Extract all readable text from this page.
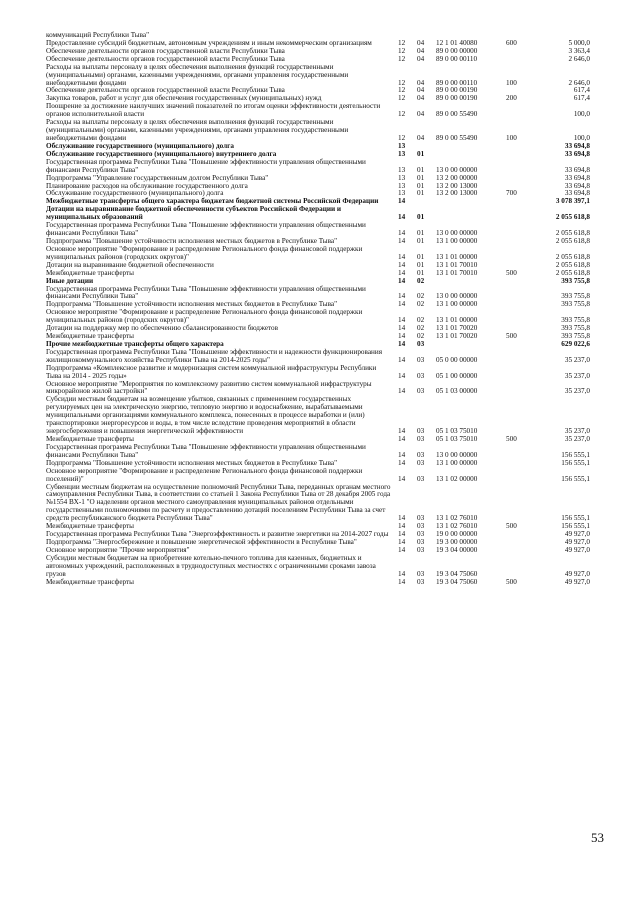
коммуникаций Республики Тыва"					
Предоставление субсидий бюджетным, автономным учреждениям и иным некоммерческим организациям	12	04	12 1 01 40080	600	5 000,0
Обеспечение деятельности органов государственной власти Республики Тыва	12	04	89 0 00 00000		3 363,4
Обеспечение деятельности органов государственной власти Республики Тыва	12	04	89 0 00 00110		2 646,0
Расходы на выплаты персоналу в целях обеспечения выполнения функций государственными (муниципальными) органами, казенными учреждениями, органами управления государственными внебюджетными фондами	12	04	89 0 00 00110	100	2 646,0
Обеспечение деятельности органов государственной власти Республики Тыва	12	04	89 0 00 00190		617,4
Закупка товаров, работ и услуг для обеспечения государственных (муниципальных) нужд	12	04	89 0 00 00190	200	617,4
Поощрение за достижение наилучших значений показателей по итогам оценки эффективности деятельности органов исполнительной власти	12	04	89 0 00 55490		100,0
Расходы на выплаты персоналу в целях обеспечения выполнения функций государственными (муниципальными) органами, казенными учреждениями, органами управления государственными внебюджетными фондами	12	04	89 0 00 55490	100	100,0
Обслуживание государственного (муниципального) долга	13				33 694,8
Обслуживание государственного (муниципального) внутреннего долга	13	01			33 694,8
Государственная программа Республики Тыва "Повышение эффективности управления общественными финансами Республики Тыва"	13	01	13 0 00 00000		33 694,8
Подпрограмма "Управление государственным долгом Республики Тыва"	13	01	13 2 00 00000		33 694,8
Планирование расходов на обслуживание государственного долга	13	01	13 2 00 13000		33 694,8
Обслуживание государственного (муниципального) долга	13	01	13 2 00 13000	700	33 694,8
Межбюджетные трансферты общего характера бюджетам бюджетной системы Российской Федерации	14				3 078 397,1
Дотации на выравнивание бюджетной обеспеченности субъектов Российской Федерации и муниципальных образований	14	01			2 055 618,8
Государственная программа Республики Тыва "Повышение эффективности управления общественными финансами Республики Тыва"	14	01	13 0 00 00000		2 055 618,8
Подпрограмма "Повышение устойчивости исполнения местных бюджетов в Республике Тыва"	14	01	13 1 00 00000		2 055 618,8
Основное мероприятие "Формирование и распределение Регионального фонда финансовой поддержки муниципальных районов (городских округов)"	14	01	13 1 01 00000		2 055 618,8
Дотации на выравнивание бюджетной обеспеченности	14	01	13 1 01 70010		2 055 618,8
Межбюджетные трансферты	14	01	13 1 01 70010	500	2 055 618,8
Иные дотации	14	02			393 755,8
Государственная программа Республики Тыва "Повышение эффективности управления общественными финансами Республики Тыва"	14	02	13 0 00 00000		393 755,8
Подпрограмма "Повышение устойчивости исполнения местных бюджетов в Республике Тыва"	14	02	13 1 00 00000		393 755,8
Основное мероприятие "Формирование и распределение Регионального фонда финансовой поддержки муниципальных районов (городских округов)"	14	02	13 1 01 00000		393 755,8
Дотации на поддержку мер по обеспечению сбалансированности бюджетов	14	02	13 1 01 70020		393 755,8
Межбюджетные трансферты	14	02	13 1 01 70020	500	393 755,8
Прочие межбюджетные трансферты общего характера	14	03			629 022,6
Государственная программа Республики Тыва "Повышение эффективности и надежности функционирования жилищнокоммунального хозяйства Республики Тыва на 2014-2025 годы"	14	03	05 0 00 00000		35 237,0
Подпрограмма «Комплексное развитие и модернизация систем коммунальной инфраструктуры Республики Тыва на 2014 - 2025 годы»	14	03	05 1 00 00000		35 237,0
Основное мероприятие "Мероприятия по комплексному развитию систем коммунальной инфраструктуры микрорайонов жилой застройки"	14	03	05 1 03 00000		35 237,0
Субсидии местным бюджетам на возмещение убытков, связанных с применением государственных регулируемых цен на электрическую энергию, тепловую энергию и водоснабжение, вырабатываемыми муниципальными организациями коммунального комплекса, понесенных в процессе выработки и (или) транспортировки энергоресурсов и воды, в том числе вследствие проведения мероприятий в области энергосбережения и повышения энергетической эффективности	14	03	05 1 03 75010		35 237,0
Межбюджетные трансферты	14	03	05 1 03 75010	500	35 237,0
Государственная программа Республики Тыва "Повышение эффективности управления общественными финансами Республики Тыва"	14	03	13 0 00 00000		156 555,1
Подпрограмма "Повышение устойчивости исполнения местных бюджетов в Республике Тыва"	14	03	13 1 00 00000		156 555,1
Основное мероприятие "Формирование и распределение Регионального фонда финансовой поддержки поселений)"	14	03	13 1 02 00000		156 555,1
Субвенции местным бюджетам на осуществление полномочий Республики Тыва, переданных органам местного самоуправления Республики Тыва, в соответствии со статьей 1 Закона Республики Тыва от 28 декабря 2005 года №1554 ВХ-1 "О наделении органов местного самоуправления муниципальных районов отдельными государственными полномочиями по расчету и предоставлению дотаций поселениям Республики Тыва за счет средств республиканского бюджета Республики Тыва"	14	03	13 1 02 76010		156 555,1
Межбюджетные трансферты	14	03	13 1 02 76010	500	156 555,1
Государственная программа Республики Тыва "Энергоэффективность и развитие энергетики на 2014-2027 годы	14	03	19 0 00 00000		49 927,0
Подпрограмма "Энергосбережение и повышение энергетической эффективности в Республике Тыва"	14	03	19 3 00 00000		49 927,0
Основное мероприятие "Прочие мероприятия"	14	03	19 3 04 00000		49 927,0
Субсидии местным бюджетам на приобретение котельно-печного топлива для казенных, бюджетных и автономных учреждений, расположенных в труднодоступных местностях с ограниченными сроками завоза грузов	14	03	19 3 04 75060		49 927,0
Межбюджетные трансферты	14	03	19 3 04 75060	500	49 927,0
53
